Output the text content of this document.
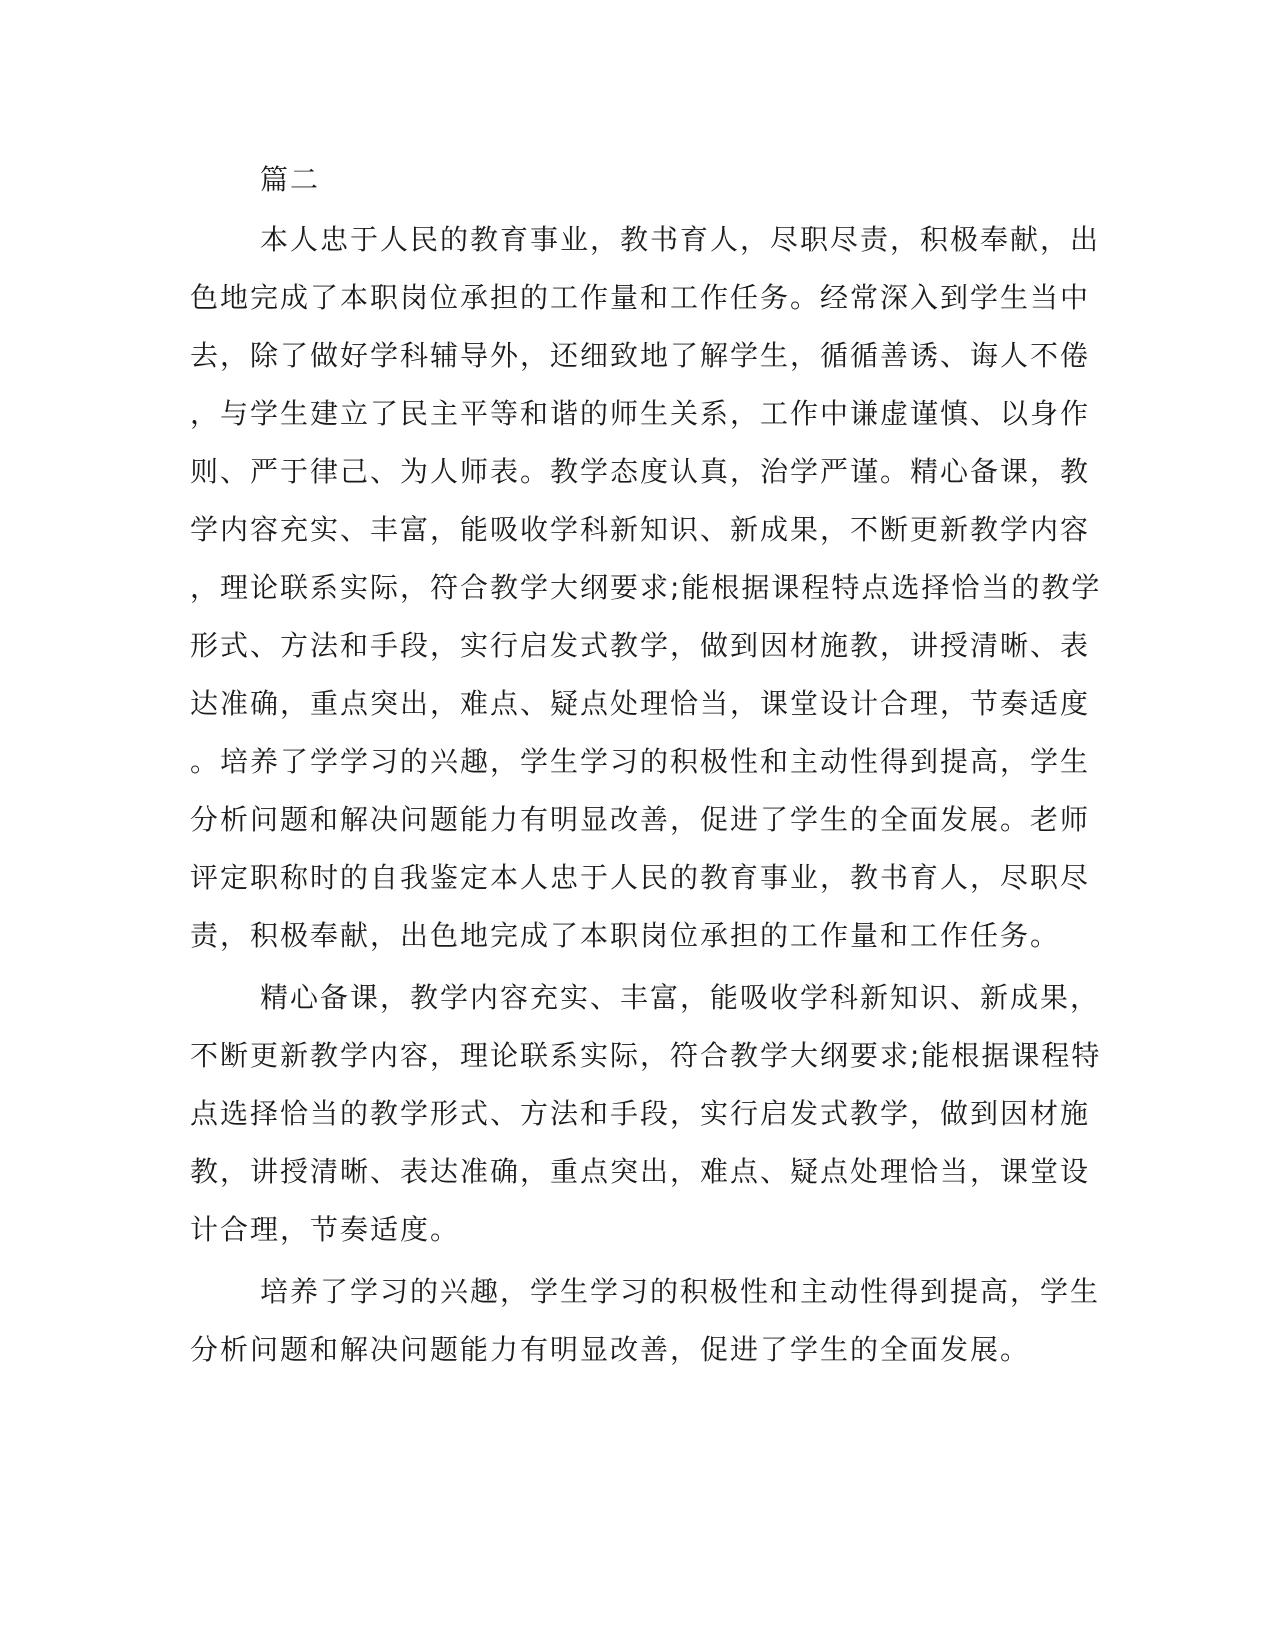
篇二
本人忠于人民的教育事业，教书育人，尽职尽责，积极奉献，出
色地完成了本职岗位承担的工作量和工作任务。经常深入到学生当中
去，除了做好学科辅导外，还细致地了解学生，循循善诱、诲人不倦
，与学生建立了民主平等和谐的师生关系，工作中谦虚谨慎、以身作
则、严于律己、为人师表。教学态度认真，治学严谨。精心备课，教
学内容充实、丰富，能吸收学科新知识、新成果，不断更新教学内容
，理论联系实际，符合教学大纲要求;能根据课程特点选择恰当的教学
形式、方法和手段，实行启发式教学，做到因材施教，讲授清晰、表
达准确，重点突出，难点、疑点处理恰当，课堂设计合理，节奏适度
。培养了学学习的兴趣，学生学习的积极性和主动性得到提高，学生
分析问题和解决问题能力有明显改善，促进了学生的全面发展。老师
评定职称时的自我鉴定本人忠于人民的教育事业，教书育人，尽职尽
责，积极奉献，出色地完成了本职岗位承担的工作量和工作任务。
精心备课，教学内容充实、丰富，能吸收学科新知识、新成果，
不断更新教学内容，理论联系实际，符合教学大纲要求;能根据课程特
点选择恰当的教学形式、方法和手段，实行启发式教学，做到因材施
教，讲授清晰、表达准确，重点突出，难点、疑点处理恰当，课堂设
计合理，节奏适度。
培养了学习的兴趣，学生学习的积极性和主动性得到提高，学生
分析问题和解决问题能力有明显改善，促进了学生的全面发展。
